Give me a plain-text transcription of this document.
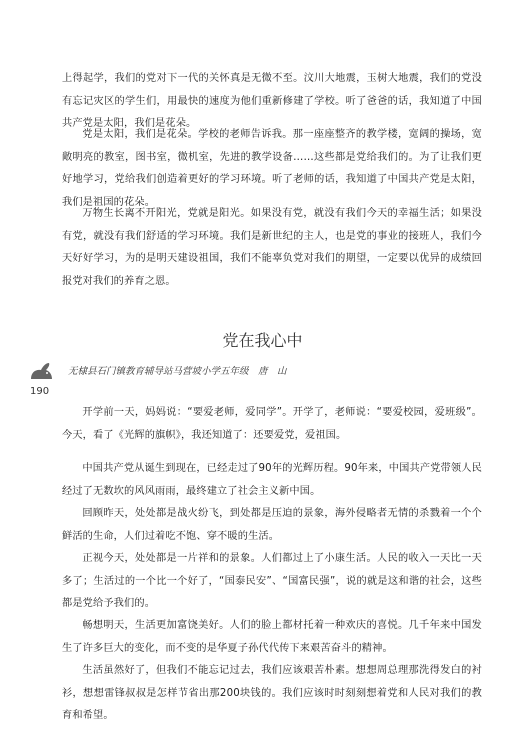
上得起学，我们的党对下一代的关怀真是无微不至。汶川大地震，玉树大地震，我们的党没有忘记灾区的学生们，用最快的速度为他们重新修建了学校。听了爸爸的话，我知道了中国共产党是太阳，我们是花朵。

党是太阳，我们是花朵。学校的老师告诉我。那一座座整齐的教学楼，宽阔的操场，宽敞明亮的教室，图书室，微机室，先进的教学设备……这些都是党给我们的。为了让我们更好地学习，党给我们创造着更好的学习环境。听了老师的话，我知道了中国共产党是太阳，我们是祖国的花朵。

万物生长离不开阳光，党就是阳光。如果没有党，就没有我们今天的幸福生活；如果没有党，就没有我们舒适的学习环境。我们是新世纪的主人，也是党的事业的接班人，我们今天好好学习，为的是明天建设祖国，我们不能辜负党对我们的期望，一定要以优异的成绩回报党对我们的养育之恩。

党在我心中

无棣县石门镇教育辅导站马营坡小学五年级　唐　山

190

开学前一天，妈妈说：“要爱老师，爱同学”。开学了，老师说：“要爱校园，爱班级”。今天，看了《光辉的旗帜》，我还知道了：还要爱党，爱祖国。

中国共产党从诞生到现在，已经走过了90年的光辉历程。90年来，中国共产党带领人民经过了无数坎的风风雨雨，最终建立了社会主义新中国。

回顾昨天，处处都是战火纷飞，到处都是压迫的景象，海外侵略者无情的杀戮着一个个鲜活的生命，人们过着吃不饱、穿不暖的生活。

正视今天，处处都是一片祥和的景象。人们都过上了小康生活。人民的收入一天比一天多了；生活过的一个比一个好了，“国泰民安”、“国富民强”，说的就是这和谐的社会，这些都是党给予我们的。

畅想明天，生活更加富饶美好。人们的脸上都材托着一种欢庆的喜悦。几千年来中国发生了许多巨大的变化，而不变的是华夏子孙代代传下来艰苦奋斗的精神。

生活虽然好了，但我们不能忘记过去，我们应该艰苦朴素。想想周总理那洗得发白的衬衫，想想雷锋叔叔是怎样节省出那200块钱的。我们应该时时刻刻想着党和人民对我们的教育和希望。
